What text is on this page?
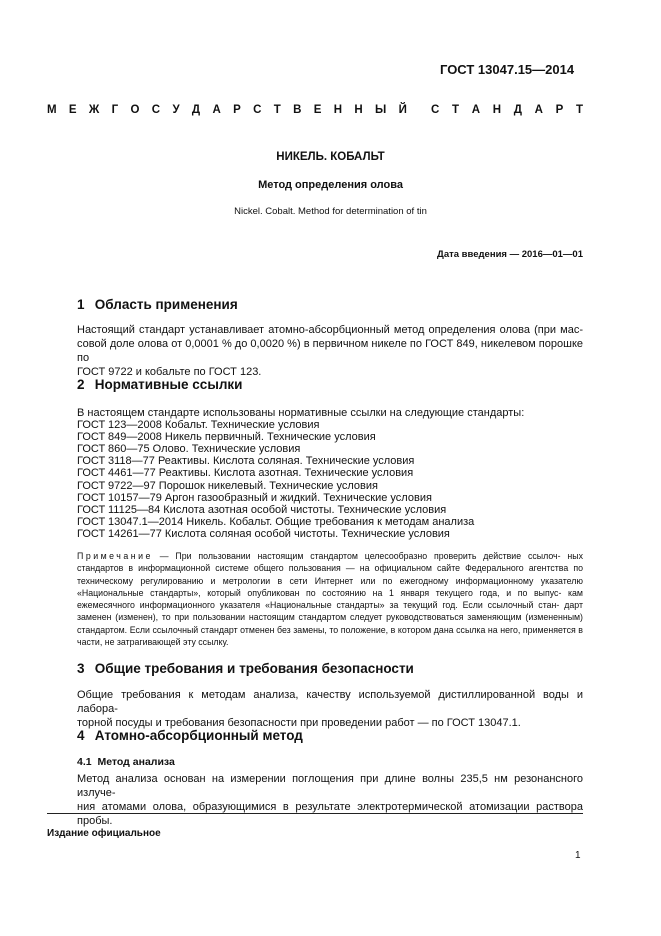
ГОСТ 13047.15—2014
М Е Ж Г О С У Д А Р С Т В Е Н Н Ы Й С Т А Н Д А Р Т
НИКЕЛЬ. КОБАЛЬТ
Метод определения олова
Nickel. Cobalt. Method for determination of tin
Дата введения — 2016—01—01
1 Область применения
Настоящий стандарт устанавливает атомно-абсорбционный метод определения олова (при мас-
совой доле олова от 0,0001 % до 0,0020 %) в первичном никеле по ГОСТ 849, никелевом порошке по
ГОСТ 9722 и кобальте по ГОСТ 123.
2 Нормативные ссылки
В настоящем стандарте использованы нормативные ссылки на следующие стандарты:
ГОСТ 123—2008 Кобальт. Технические условия
ГОСТ 849—2008 Никель первичный. Технические условия
ГОСТ 860—75 Олово. Технические условия
ГОСТ 3118—77 Реактивы. Кислота соляная. Технические условия
ГОСТ 4461—77 Реактивы. Кислота азотная. Технические условия
ГОСТ 9722—97 Порошок никелевый. Технические условия
ГОСТ 10157—79 Аргон газообразный и жидкий. Технические условия
ГОСТ 11125—84 Кислота азотная особой чистоты. Технические условия
ГОСТ 13047.1—2014 Никель. Кобальт. Общие требования к методам анализа
ГОСТ 14261—77 Кислота соляная особой чистоты. Технические условия
Примечание — При пользовании настоящим стандартом целесообразно проверить действие ссылоч- ных стандартов в информационной системе общего пользования — на официальном сайте Федерального агентства по техническому регулированию и метрологии в сети Интернет или по ежегодному информационному указателю «Национальные стандарты», который опубликован по состоянию на 1 января текущего года, и по выпус- кам ежемесячного информационного указателя «Национальные стандарты» за текущий год. Если ссылочный стан- дарт заменен (изменен), то при пользовании настоящим стандартом следует руководствоваться заменяющим (измененным) стандартом. Если ссылочный стандарт отменен без замены, то положение, в котором дана ссылка на него, применяется в части, не затрагивающей эту ссылку.
3 Общие требования и требования безопасности
Общие требования к методам анализа, качеству используемой дистиллированной воды и лабора-
торной посуды и требования безопасности при проведении работ — по ГОСТ 13047.1.
4 Атомно-абсорбционный метод
4.1 Метод анализа
Метод анализа основан на измерении поглощения при длине волны 235,5 нм резонансного излуче-
ния атомами олова, образующимися в результате электротермической атомизации раствора пробы.
Издание официальное
1
